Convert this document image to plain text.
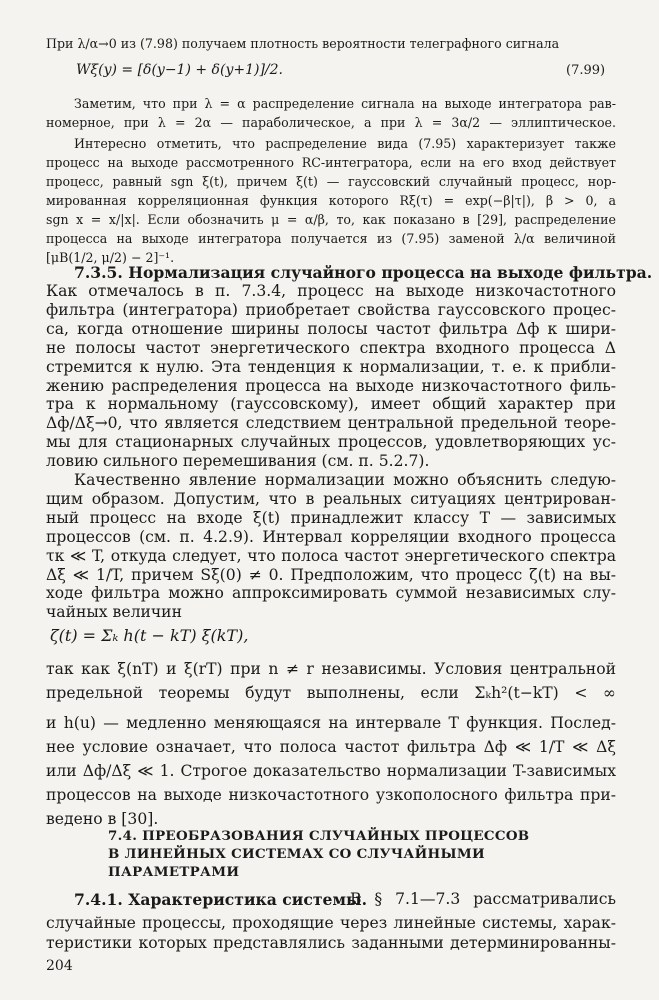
При λ/α→0 из (7.98) получаем плотность вероятности телеграфного сигнала
Wξ(y) = [δ(y−1) + δ(y+1)]/2.	(7.99)
Заметим, что при λ = α распределение сигнала на выходе интегратора рав-
номерное, при λ = 2α — параболическое, а при λ = 3α/2 — эллиптическое.
Интересно отметить, что распределение вида (7.95) характеризует также
процесс на выходе рассмотренного RC-интегратора, если на его вход действует
процесс, равный sgn ξ(t), причем ξ(t) — гауссовский случайный процесс, нор-
мированная корреляционная функция которого Rξ(τ) = exp(−β|τ|), β > 0, а
sgn x = x/|x|. Если обозначить μ = α/β, то, как показано в [29], распределение
процесса на выходе интегратора получается из (7.95) заменой λ/α величиной
[μB(1/2, μ/2) − 2]⁻¹.
7.3.5. Нормализация случайного процесса на выходе фильтра.
Как отмечалось в п. 7.3.4, процесс на выходе низкочастотного
фильтра (интегратора) приобретает свойства гауссовского процес-
са, когда отношение ширины полосы частот фильтра Δф к шири-
не полосы частот энергетического спектра входного процесса Δ
стремится к нулю. Эта тенденция к нормализации, т. е. к прибли-
жению распределения процесса на выходе низкочастотного филь-
тра к нормальному (гауссовскому), имеет общий характер при
Δф/Δξ→0, что является следствием центральной предельной теоре-
мы для стационарных случайных процессов, удовлетворяющих ус-
ловию сильного перемешивания (см. п. 5.2.7).
Качественно явление нормализации можно объяснить следую-
щим образом. Допустим, что в реальных ситуациях центрирован-
ный процесс на входе ξ(t) принадлежит классу T — зависимых
процессов (см. п. 4.2.9). Интервал корреляции входного процесса
τк ≪ T, откуда следует, что полоса частот энергетического спектра
Δξ ≪ 1/T, причем Sξ(0) ≠ 0. Предположим, что процесс ζ(t) на вы-
ходе фильтра можно аппроксимировать суммой независимых слу-
чайных величин
ζ(t) = Σₖ h(t − kT) ξ(kT),
так как ξ(nT) и ξ(rT) при n ≠ r независимы. Условия центральной
предельной теоремы будут выполнены, если Σₖh²(t−kT) < ∞
и h(u) — медленно меняющаяся на интервале T функция. Послед-
нее условие означает, что полоса частот фильтра Δф ≪ 1/T ≪ Δξ
или Δф/Δξ ≪ 1. Строгое доказательство нормализации T-зависимых
процессов на выходе низкочастотного узкополосного фильтра при-
ведено в [30].
7.4. ПРЕОБРАЗОВАНИЯ СЛУЧАЙНЫХ ПРОЦЕССОВ
В ЛИНЕЙНЫХ СИСТЕМАХ СО СЛУЧАЙНЫМИ
ПАРАМЕТРАМИ
7.4.1. Характеристика системы.
В § 7.1—7.3 рассматривались
случайные процессы, проходящие через линейные системы, харак-
теристики которых представлялись заданными детерминированны-
204
